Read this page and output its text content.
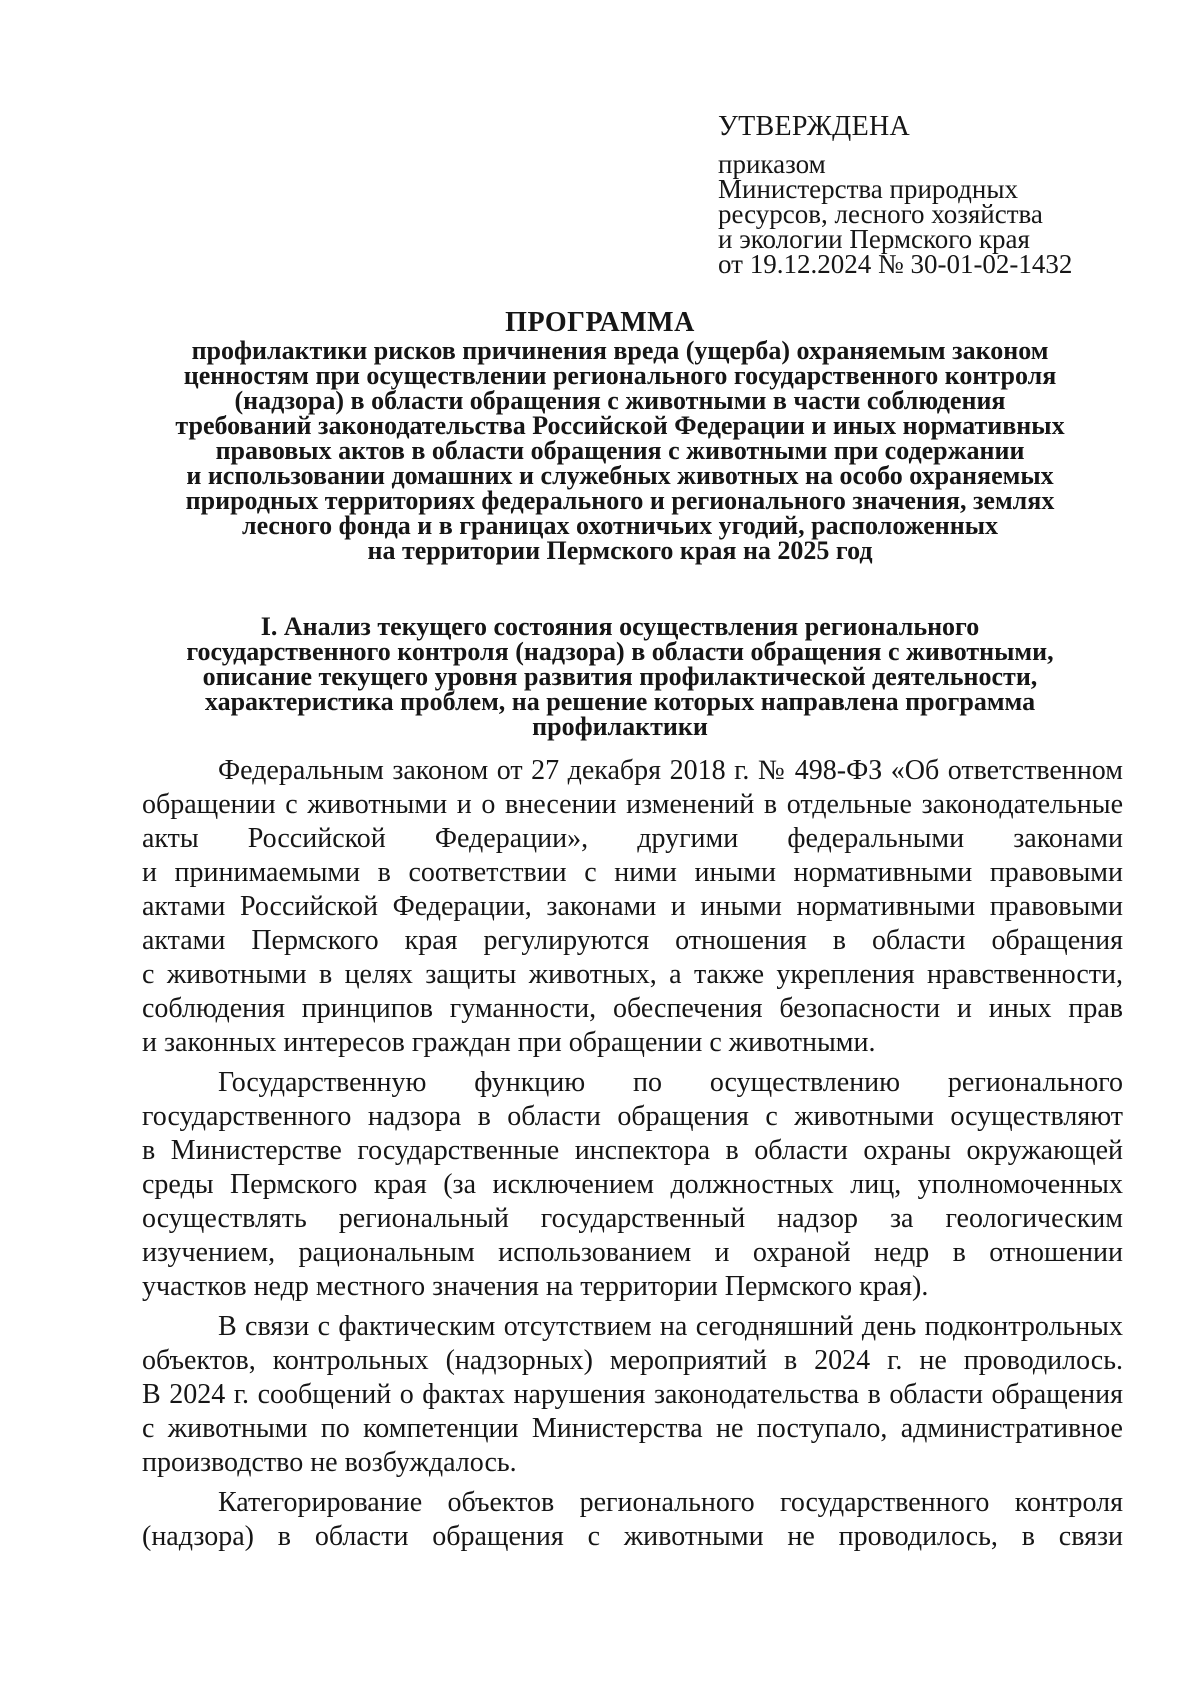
УТВЕРЖДЕНА
приказом
Министерства природных
ресурсов, лесного хозяйства
и экологии Пермского края
от 19.12.2024 № 30-01-02-1432
ПРОГРАММА
профилактики рисков причинения вреда (ущерба) охраняемым законом
ценностям при осуществлении регионального государственного контроля
(надзора) в области обращения с животными в части соблюдения
требований законодательства Российской Федерации и иных нормативных
правовых актов в области обращения с животными при содержании
и использовании домашних и служебных животных на особо охраняемых
природных территориях федерального и регионального значения, землях
лесного фонда и в границах охотничьих угодий, расположенных
на территории Пермского края на 2025 год
I. Анализ текущего состояния осуществления регионального
государственного контроля (надзора) в области обращения с животными,
описание текущего уровня развития профилактической деятельности,
характеристика проблем, на решение которых направлена программа
профилактики
Федеральным законом от 27 декабря 2018 г. № 498-ФЗ «Об ответственном
обращении с животными и о внесении изменений в отдельные законодательные
акты Российской Федерации», другими федеральными законами
и принимаемыми в соответствии с ними иными нормативными правовыми
актами Российской Федерации, законами и иными нормативными правовыми
актами Пермского края регулируются отношения в области обращения
с животными в целях защиты животных, а также укрепления нравственности,
соблюдения принципов гуманности, обеспечения безопасности и иных прав
и законных интересов граждан при обращении с животными.
Государственную функцию по осуществлению регионального
государственного надзора в области обращения с животными осуществляют
в Министерстве государственные инспектора в области охраны окружающей
среды Пермского края (за исключением должностных лиц, уполномоченных
осуществлять региональный государственный надзор за геологическим
изучением, рациональным использованием и охраной недр в отношении
участков недр местного значения на территории Пермского края).
В связи с фактическим отсутствием на сегодняшний день подконтрольных
объектов, контрольных (надзорных) мероприятий в 2024 г. не проводилось.
В 2024 г. сообщений о фактах нарушения законодательства в области обращения
с животными по компетенции Министерства не поступало, административное
производство не возбуждалось.
Категорирование объектов регионального государственного контроля
(надзора) в области обращения с животными не проводилось, в связи
